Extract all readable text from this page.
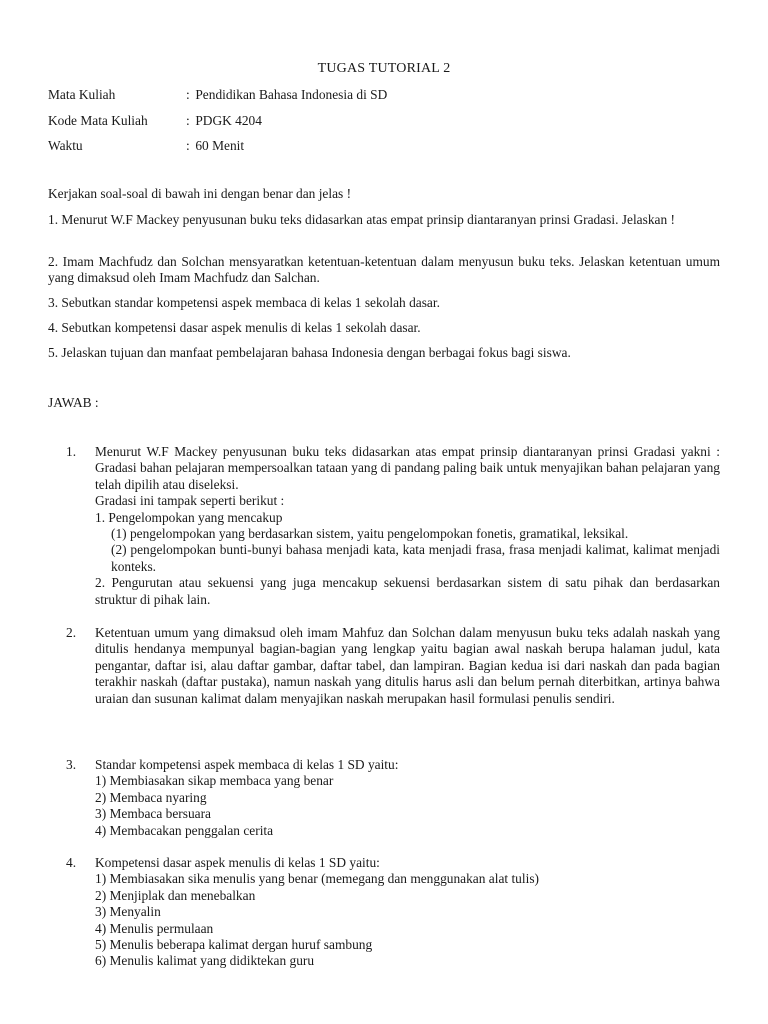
TUGAS TUTORIAL 2
Mata Kuliah	: Pendidikan Bahasa Indonesia di SD
Kode Mata Kuliah	: PDGK 4204
Waktu	: 60 Menit
Kerjakan soal-soal di bawah ini dengan benar dan jelas !
1. Menurut W.F Mackey penyusunan buku teks didasarkan atas empat prinsip diantaranyan prinsi Gradasi. Jelaskan !
2. Imam Machfudz dan Solchan mensyaratkan ketentuan-ketentuan dalam menyusun buku teks. Jelaskan ketentuan umum yang dimaksud oleh Imam Machfudz dan Salchan.
3. Sebutkan standar kompetensi aspek membaca di kelas 1 sekolah dasar.
4. Sebutkan kompetensi dasar aspek menulis di kelas 1 sekolah dasar.
5. Jelaskan tujuan dan manfaat pembelajaran bahasa Indonesia dengan berbagai fokus bagi siswa.
JAWAB :
1.	Menurut W.F Mackey penyusunan buku teks didasarkan atas empat prinsip diantaranyan prinsi Gradasi yakni : Gradasi bahan pelajaran mempersoalkan tataan yang di pandang paling baik untuk menyajikan bahan pelajaran yang telah dipilih atau diseleksi.
Gradasi ini tampak seperti berikut :
1. Pengelompokan yang mencakup
(1) pengelompokan yang berdasarkan sistem, yaitu pengelompokan fonetis, gramatikal, leksikal.
(2) pengelompokan bunti-bunyi bahasa menjadi kata, kata menjadi frasa, frasa menjadi kalimat, kalimat menjadi konteks.
2. Pengurutan atau sekuensi yang juga mencakup sekuensi berdasarkan sistem di satu pihak dan berdasarkan struktur di pihak lain.
2.	Ketentuan umum yang dimaksud oleh imam Mahfuz dan Solchan dalam menyusun buku teks adalah naskah yang ditulis hendanya mempunyal bagian-bagian yang lengkap yaitu bagian awal naskah berupa halaman judul, kata pengantar, daftar isi, alau daftar gambar, daftar tabel, dan lampiran. Bagian kedua isi dari naskah dan pada bagian terakhir naskah (daftar pustaka), namun naskah yang ditulis harus asli dan belum pernah diterbitkan, artinya bahwa uraian dan susunan kalimat dalam menyajikan naskah merupakan hasil formulasi penulis sendiri.
3.	Standar kompetensi aspek membaca di kelas 1 SD yaitu:
1) Membiasakan sikap membaca yang benar
2) Membaca nyaring
3) Membaca bersuara
4) Membacakan penggalan cerita
4.	Kompetensi dasar aspek menulis di kelas 1 SD yaitu:
1) Membiasakan sika menulis yang benar (memegang dan menggunakan alat tulis)
2) Menjiplak dan menebalkan
3) Menyalin
4) Menulis permulaan
5) Menulis beberapa kalimat dergan huruf sambung
6) Menulis kalimat yang didiktekan guru
